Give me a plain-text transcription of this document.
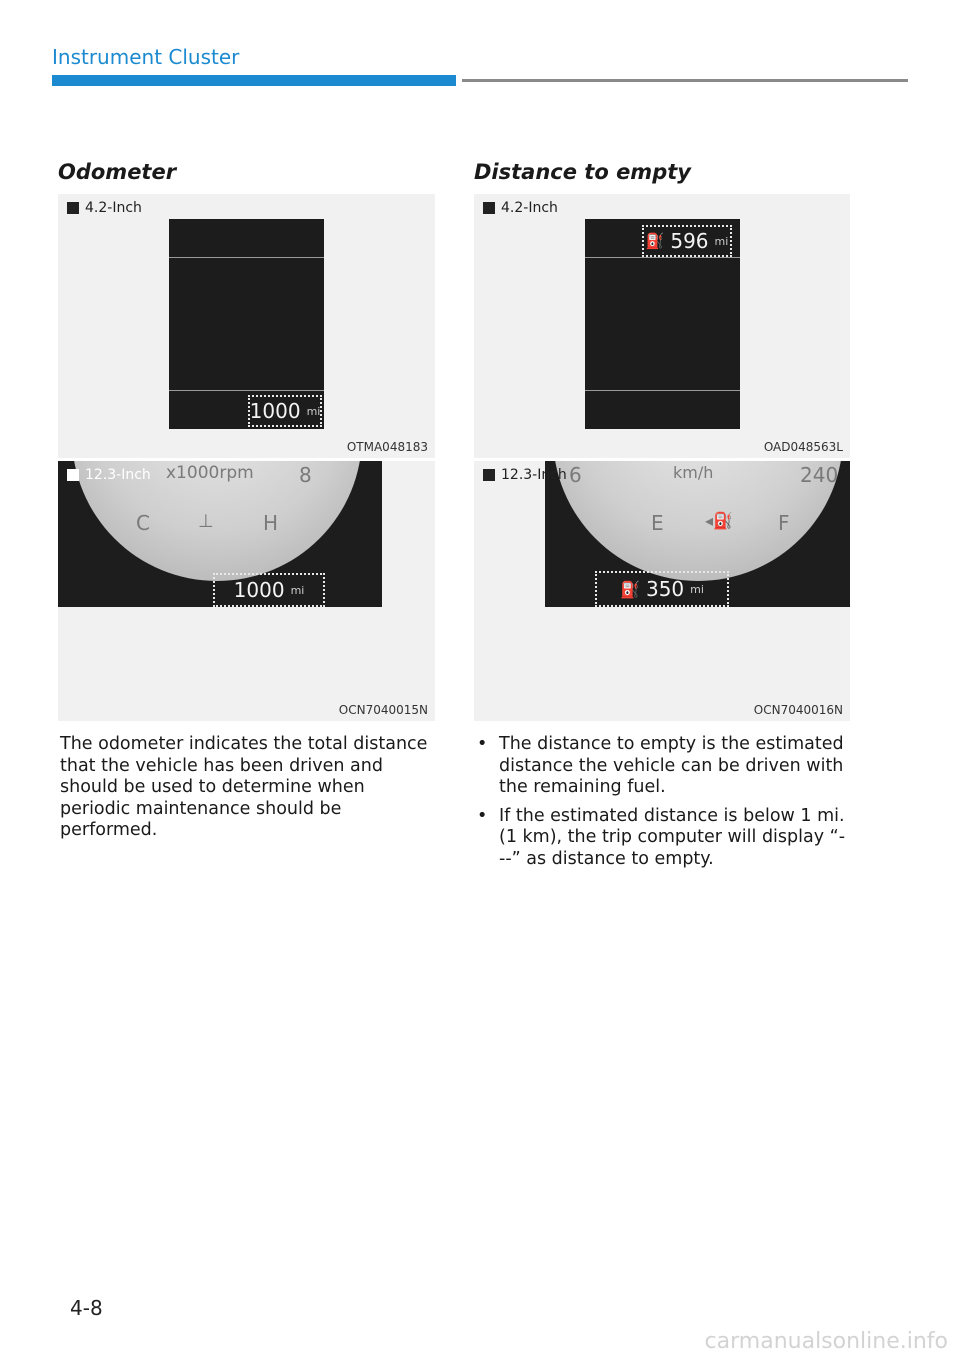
Instrument Cluster
Odometer
4.2-Inch
1000 mi
OTMA048183
x1000rpm 8
C	⊥ H
1000 mi
12.3-Inch
OCN7040015N
The odometer indicates the total distance that the vehicle has been driven and should be used to determine when periodic maintenance should be performed.
Distance to empty
4.2-Inch
⛽ 596 mi
OAD048563L
6	km/h	240
E	◂⛽ F
⛽ 350 mi
12.3-Inch
OCN7040016N
• The distance to empty is the estimated distance the vehicle can be driven with the remaining fuel.
• If the estimated distance is below 1 mi. (1 km), the trip computer will display “---” as distance to empty.
4-8
carmanualsonline.info
